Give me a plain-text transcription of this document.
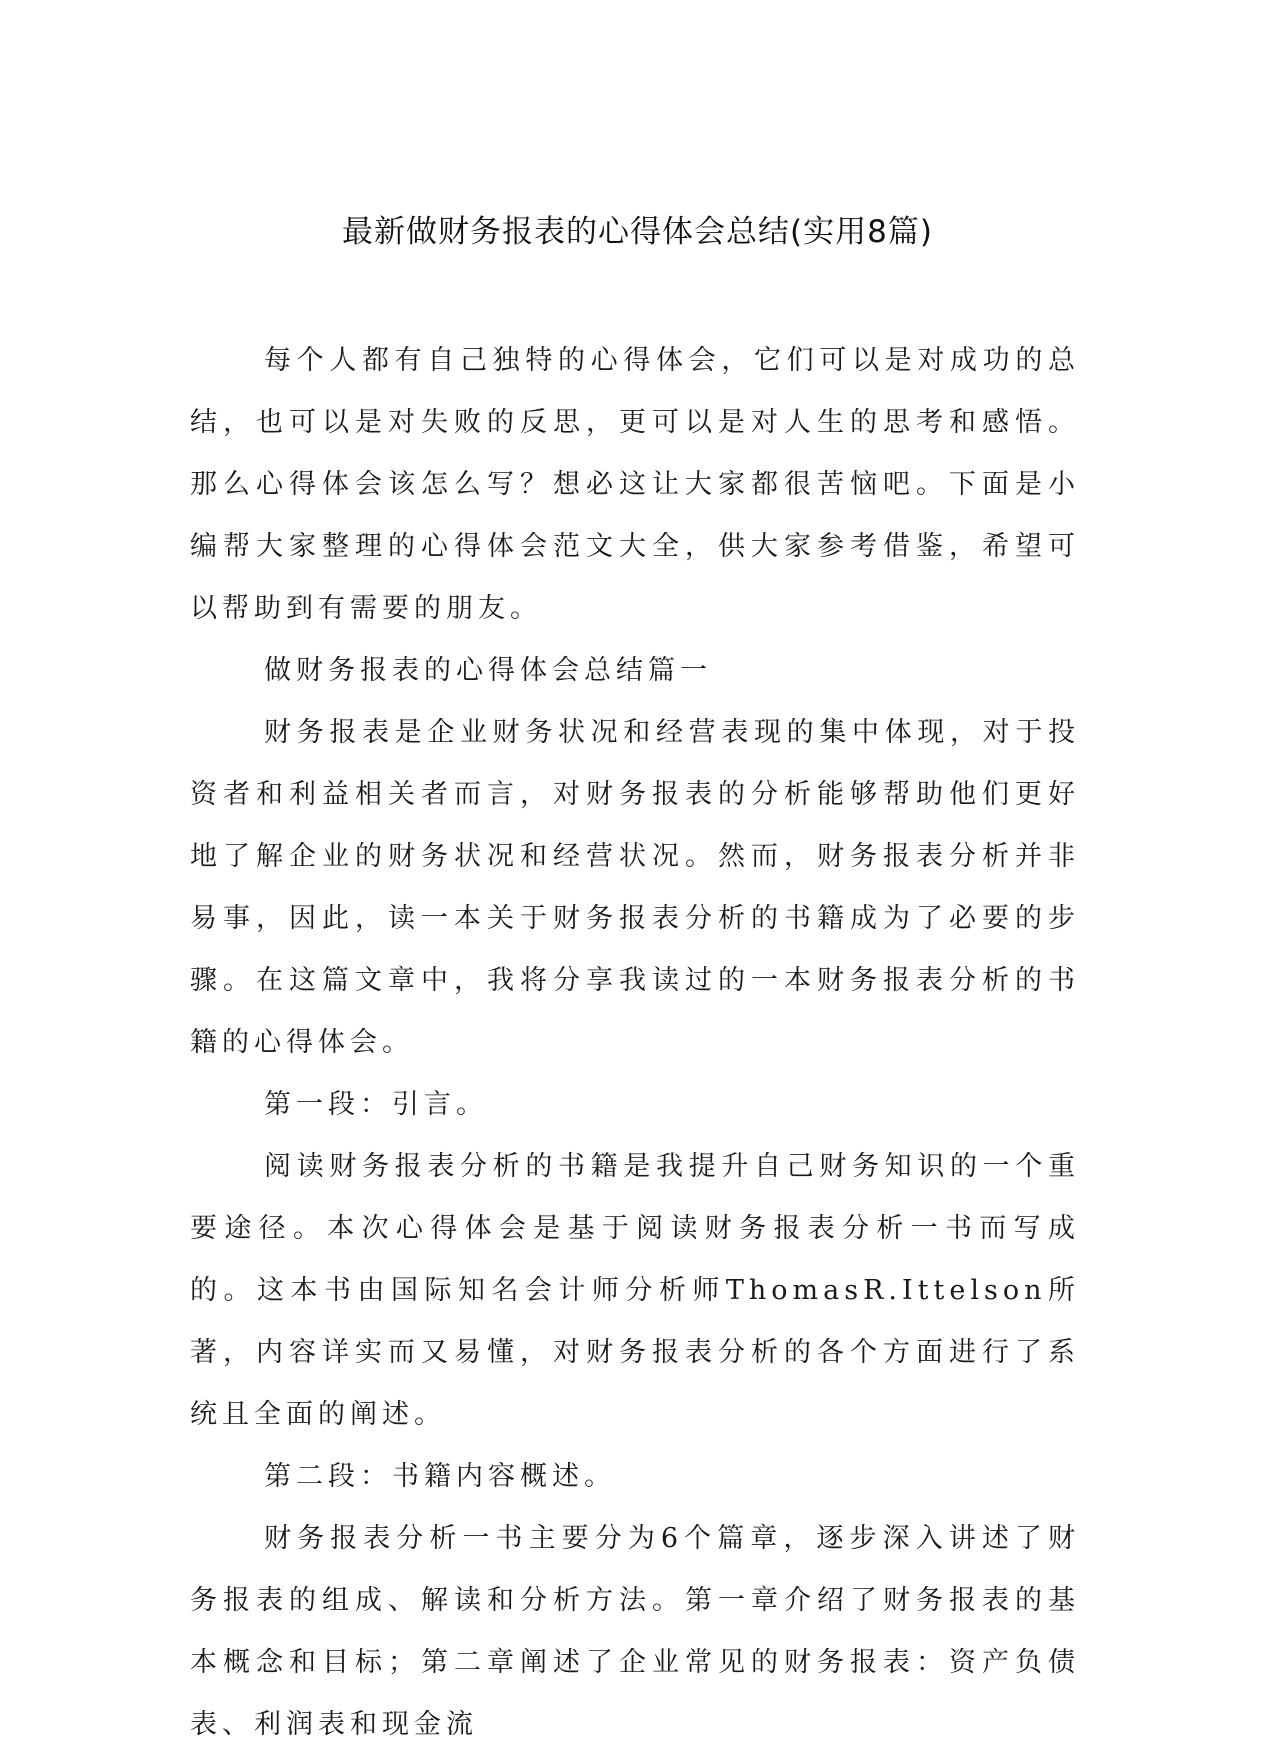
最新做财务报表的心得体会总结(实用8篇)

每个人都有自己独特的心得体会，它们可以是对成功的总结，也可以是对失败的反思，更可以是对人生的思考和感悟。那么心得体会该怎么写？想必这让大家都很苦恼吧。下面是小编帮大家整理的心得体会范文大全，供大家参考借鉴，希望可以帮助到有需要的朋友。

做财务报表的心得体会总结篇一

财务报表是企业财务状况和经营表现的集中体现，对于投资者和利益相关者而言，对财务报表的分析能够帮助他们更好地了解企业的财务状况和经营状况。然而，财务报表分析并非易事，因此，读一本关于财务报表分析的书籍成为了必要的步骤。在这篇文章中，我将分享我读过的一本财务报表分析的书籍的心得体会。

第一段：引言。

阅读财务报表分析的书籍是我提升自己财务知识的一个重要途径。本次心得体会是基于阅读财务报表分析一书而写成的。这本书由国际知名会计师分析师ThomasR.Ittelson所著，内容详实而又易懂，对财务报表分析的各个方面进行了系统且全面的阐述。

第二段：书籍内容概述。

财务报表分析一书主要分为6个篇章，逐步深入讲述了财务报表的组成、解读和分析方法。第一章介绍了财务报表的基本概念和目标；第二章阐述了企业常见的财务报表：资产负债表、利润表和现金流
